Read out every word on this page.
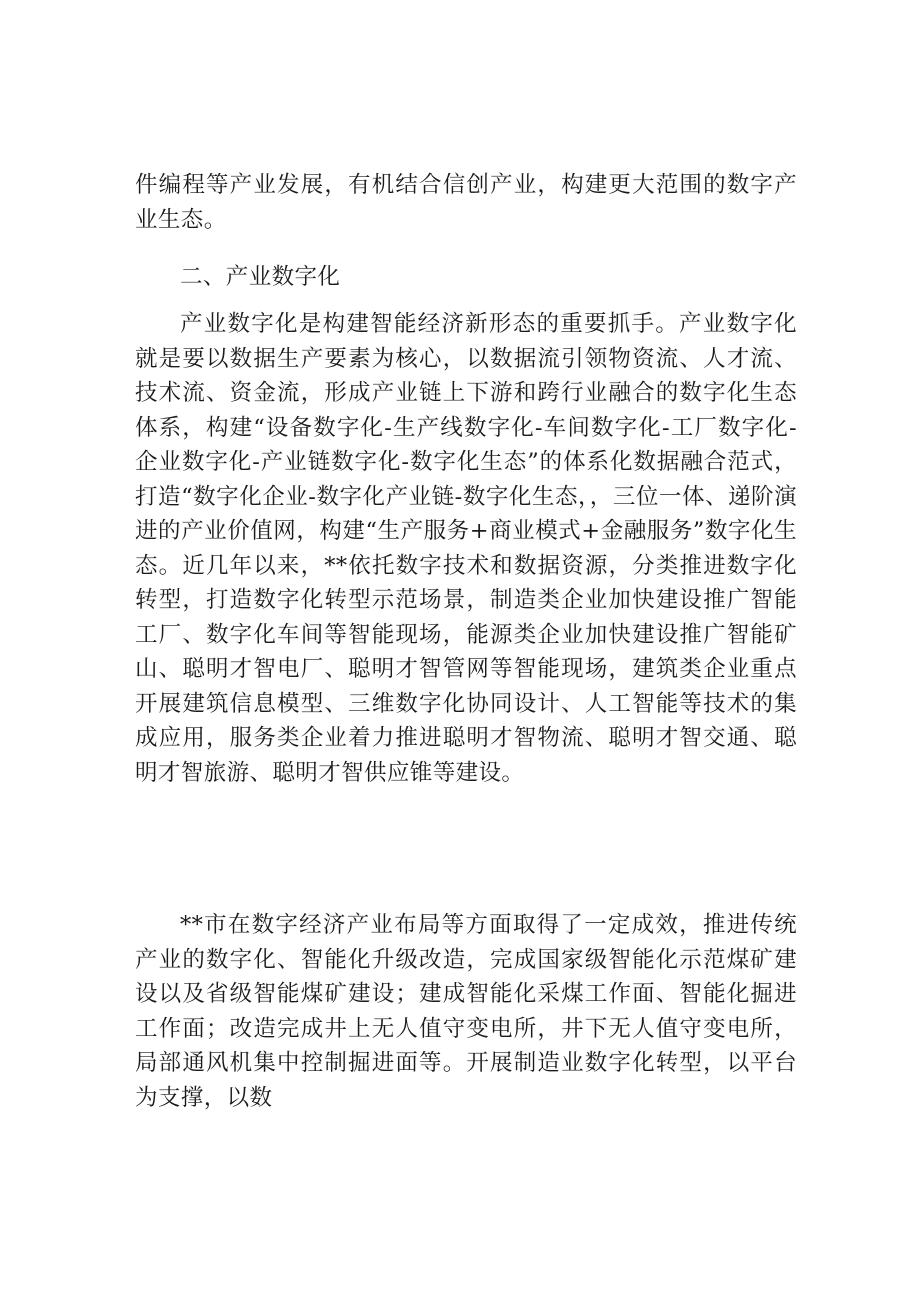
件编程等产业发展，有机结合信创产业，构建更大范围的数字产业生态。

二、产业数字化

产业数字化是构建智能经济新形态的重要抓手。产业数字化就是要以数据生产要素为核心，以数据流引领物资流、人才流、技术流、资金流，形成产业链上下游和跨行业融合的数字化生态体系，构建“设备数字化-生产线数字化-车间数字化-工厂数字化-企业数字化-产业链数字化-数字化生态”的体系化数据融合范式，打造“数字化企业-数字化产业链-数字化生态，，三位一体、递阶演进的产业价值网，构建“生产服务+商业模式+金融服务”数字化生态。近几年以来，**依托数字技术和数据资源，分类推进数字化转型，打造数字化转型示范场景，制造类企业加快建设推广智能工厂、数字化车间等智能现场，能源类企业加快建设推广智能矿山、聪明才智电厂、聪明才智管网等智能现场，建筑类企业重点开展建筑信息模型、三维数字化协同设计、人工智能等技术的集成应用，服务类企业着力推进聪明才智物流、聪明才智交通、聪明才智旅游、聪明才智供应锥等建设。

**市在数字经济产业布局等方面取得了一定成效，推进传统产业的数字化、智能化升级改造，完成国家级智能化示范煤矿建设以及省级智能煤矿建设；建成智能化采煤工作面、智能化掘进工作面；改造完成井上无人值守变电所，井下无人值守变电所，局部通风机集中控制掘进面等。开展制造业数字化转型，以平台为支撑，以数
